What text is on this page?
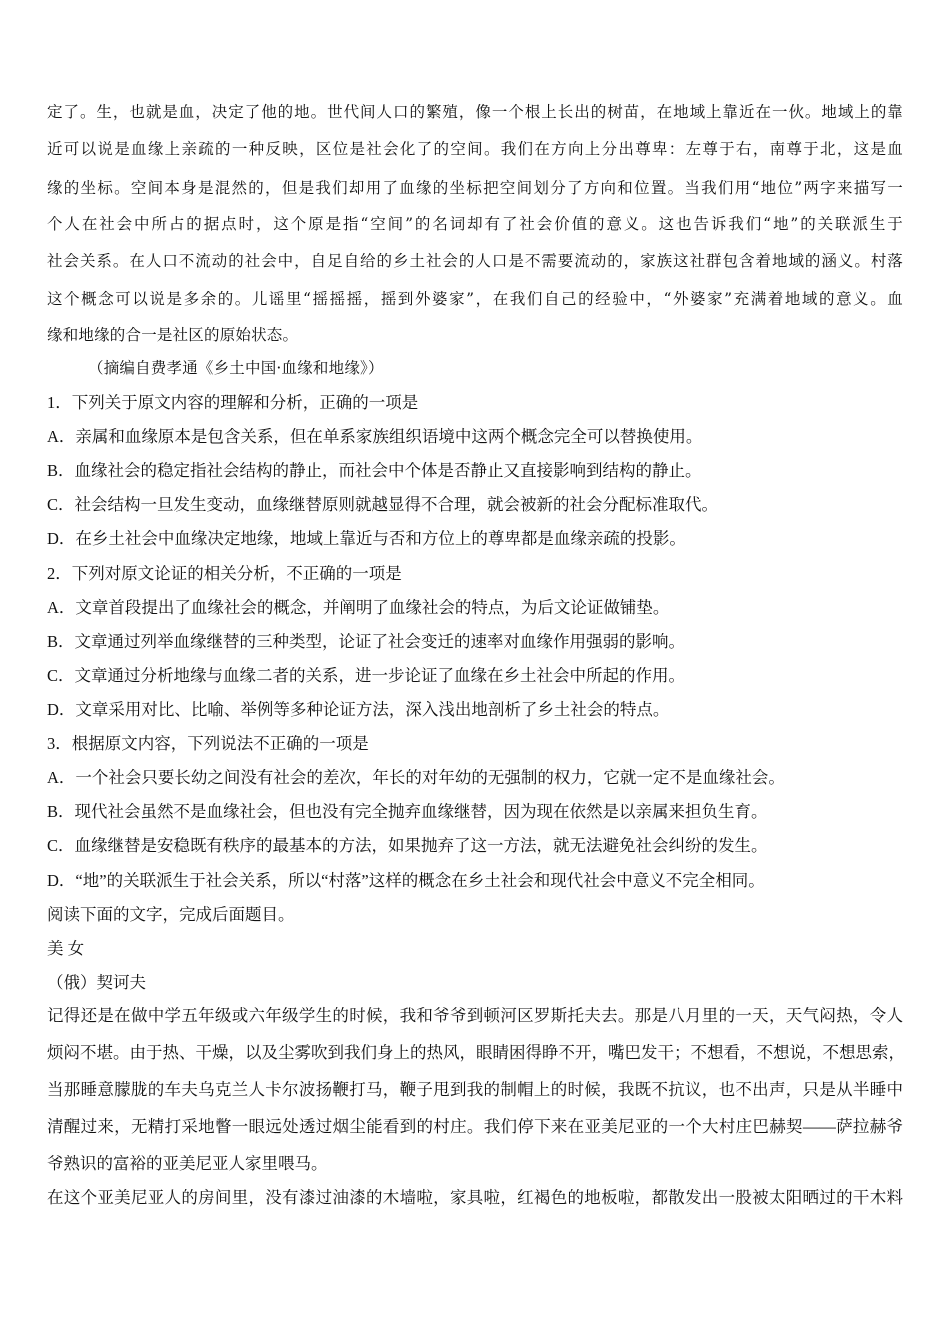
定了。生，也就是血，决定了他的地。世代间人口的繁殖，像一个根上长出的树苗，在地域上靠近在一伙。地域上的靠
近可以说是血缘上亲疏的一种反映，区位是社会化了的空间。我们在方向上分出尊卑：左尊于右，南尊于北，这是血
缘的坐标。空间本身是混然的，但是我们却用了血缘的坐标把空间划分了方向和位置。当我们用“地位”两字来描写一
个人在社会中所占的据点时，这个原是指“空间”的名词却有了社会价值的意义。这也告诉我们“地”的关联派生于
社会关系。在人口不流动的社会中，自足自给的乡土社会的人口是不需要流动的，家族这社群包含着地域的涵义。村落
这个概念可以说是多余的。儿谣里“摇摇摇，摇到外婆家”，在我们自己的经验中，“外婆家”充满着地域的意义。血
缘和地缘的合一是社区的原始状态。
（摘编自费孝通《乡土中国·血缘和地缘》）
1．下列关于原文内容的理解和分析，正确的一项是
A．亲属和血缘原本是包含关系，但在单系家族组织语境中这两个概念完全可以替换使用。
B．血缘社会的稳定指社会结构的静止，而社会中个体是否静止又直接影响到结构的静止。
C．社会结构一旦发生变动，血缘继替原则就越显得不合理，就会被新的社会分配标准取代。
D．在乡土社会中血缘决定地缘，地域上靠近与否和方位上的尊卑都是血缘亲疏的投影。
2．下列对原文论证的相关分析，不正确的一项是
A．文章首段提出了血缘社会的概念，并阐明了血缘社会的特点，为后文论证做铺垫。
B．文章通过列举血缘继替的三种类型，论证了社会变迁的速率对血缘作用强弱的影响。
C．文章通过分析地缘与血缘二者的关系，进一步论证了血缘在乡土社会中所起的作用。
D．文章采用对比、比喻、举例等多种论证方法，深入浅出地剖析了乡土社会的特点。
3．根据原文内容，下列说法不正确的一项是
A．一个社会只要长幼之间没有社会的差次，年长的对年幼的无强制的权力，它就一定不是血缘社会。
B．现代社会虽然不是血缘社会，但也没有完全抛弃血缘继替，因为现在依然是以亲属来担负生育。
C．血缘继替是安稳既有秩序的最基本的方法，如果抛弃了这一方法，就无法避免社会纠纷的发生。
D．“地”的关联派生于社会关系，所以“村落”这样的概念在乡土社会和现代社会中意义不完全相同。
阅读下面的文字，完成后面题目。
美 女
（俄）契诃夫
记得还是在做中学五年级或六年级学生的时候，我和爷爷到顿河区罗斯托夫去。那是八月里的一天，天气闷热，令人
烦闷不堪。由于热、干燥，以及尘雾吹到我们身上的热风，眼睛困得睁不开，嘴巴发干；不想看，不想说，不想思索，
当那睡意朦胧的车夫乌克兰人卡尔波扬鞭打马，鞭子甩到我的制帽上的时候，我既不抗议，也不出声，只是从半睡中
清醒过来，无精打采地瞥一眼远处透过烟尘能看到的村庄。我们停下来在亚美尼亚的一个大村庄巴赫契——萨拉赫爷
爷熟识的富裕的亚美尼亚人家里喂马。
在这个亚美尼亚人的房间里，没有漆过油漆的木墙啦，家具啦，红褐色的地板啦，都散发出一股被太阳晒过的干木料
